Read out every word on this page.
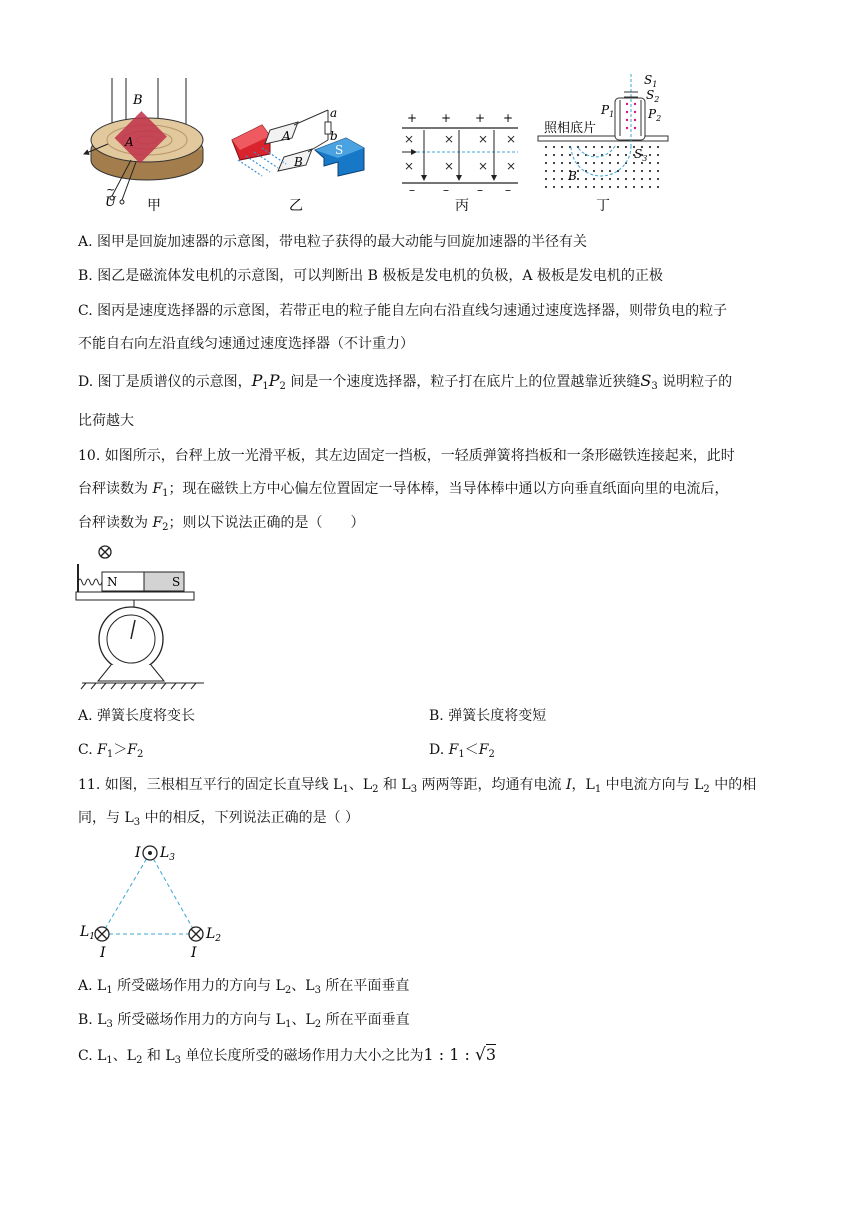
B
A
U
~
A
B
a
b
S
+ + + +
– – – –
× × × ×
× × × ×
照相底片
$P_1$	$P_2$
$S_1$
$S_2$
$S_3$
B
甲	乙	丙	丁
A. 图甲是回旋加速器的示意图，带电粒子获得的最大动能与回旋加速器的半径有关
B. 图乙是磁流体发电机的示意图，可以判断出 B 极板是发电机的负极，A 极板是发电机的正极
C. 图丙是速度选择器的示意图，若带正电的粒子能自左向右沿直线匀速通过速度选择器，则带负电的粒子
不能自右向左沿直线匀速通过速度选择器（不计重力）
D. 图丁是质谱仪的示意图，$P_1P_2$ 间是一个速度选择器，粒子打在底片上的位置越靠近狭缝$S_3$ 说明粒子的
比荷越大
10. 如图所示，台秤上放一光滑平板，其左边固定一挡板，一轻质弹簧将挡板和一条形磁铁连接起来，此时
台秤读数为 $F_1$；现在磁铁上方中心偏左位置固定一导体棒，当导体棒中通以方向垂直纸面向里的电流后，
台秤读数为 $F_2$；则以下说法正确的是（　　）
N	S
A. 弹簧长度将变长	B. 弹簧长度将变短
C. $F_1>F_2$	D. $F_1<F_2$
11. 如图，三根相互平行的固定长直导线 $L_1$、$L_2$ 和 $L_3$ 两两等距，均通有电流 I，$L_1$ 中电流方向与 $L_2$ 中的相
同，与 $L_3$ 中的相反，下列说法正确的是（ ）
I $L_3$
$L_1$
I
$L_2$
I
A. $L_1$ 所受磁场作用力的方向与 $L_2$、$L_3$ 所在平面垂直
B. $L_3$ 所受磁场作用力的方向与 $L_1$、$L_2$ 所在平面垂直
C. $L_1$、$L_2$ 和 $L_3$ 单位长度所受的磁场作用力大小之比为1 : 1 : √3
